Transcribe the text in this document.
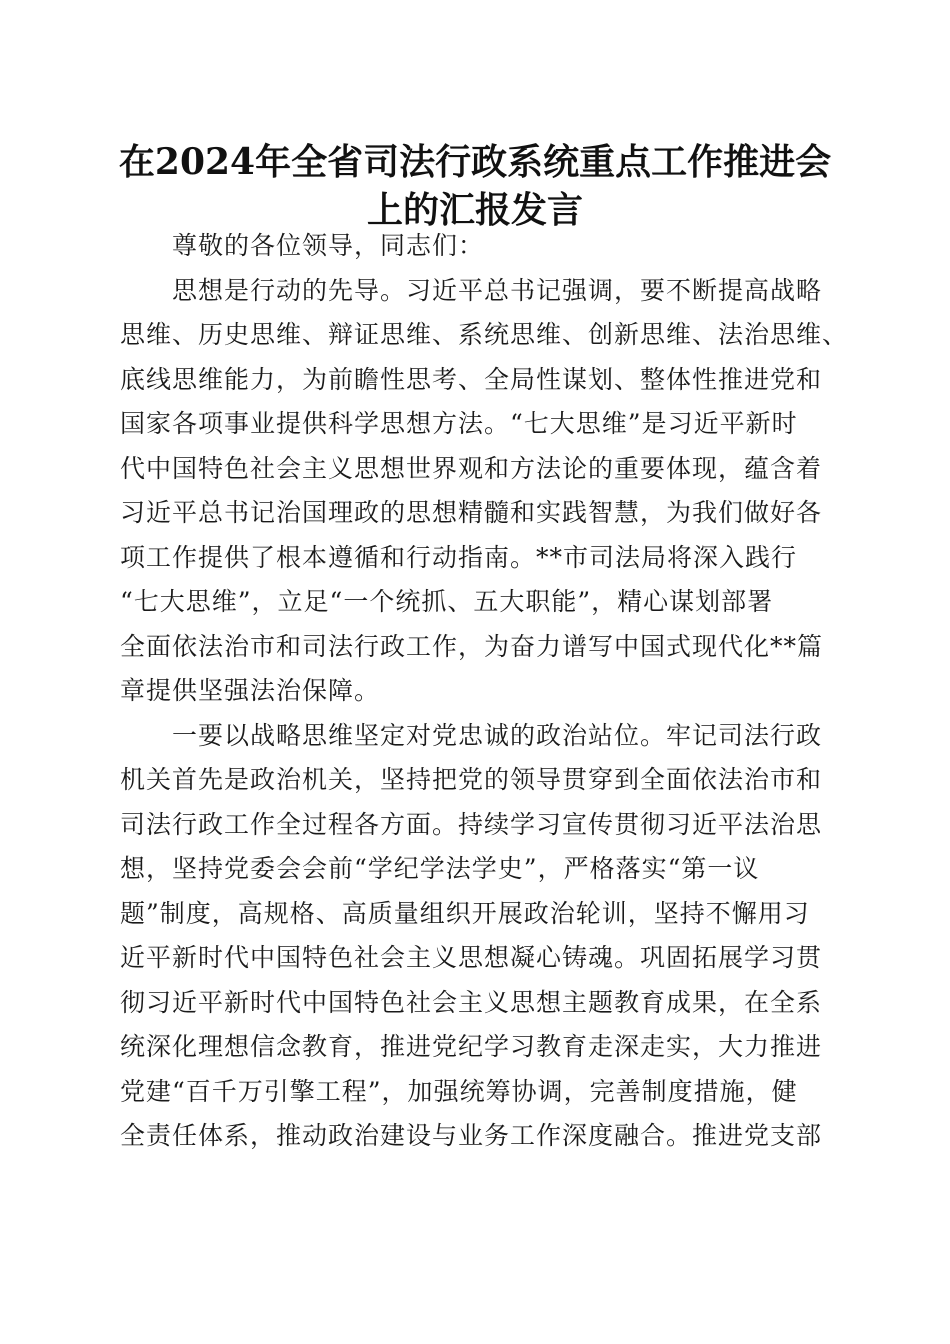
在2024年全省司法行政系统重点工作推进会
上的汇报发言
尊敬的各位领导，同志们：
思想是行动的先导。习近平总书记强调，要不断提高战略
思维、历史思维、辩证思维、系统思维、创新思维、法治思维、
底线思维能力，为前瞻性思考、全局性谋划、整体性推进党和
国家各项事业提供科学思想方法。“七大思维”是习近平新时
代中国特色社会主义思想世界观和方法论的重要体现，蕴含着
习近平总书记治国理政的思想精髓和实践智慧，为我们做好各
项工作提供了根本遵循和行动指南。**市司法局将深入践行
“七大思维”，立足“一个统抓、五大职能”，精心谋划部署
全面依法治市和司法行政工作，为奋力谱写中国式现代化**篇
章提供坚强法治保障。
一要以战略思维坚定对党忠诚的政治站位。牢记司法行政
机关首先是政治机关，坚持把党的领导贯穿到全面依法治市和
司法行政工作全过程各方面。持续学习宣传贯彻习近平法治思
想，坚持党委会会前“学纪学法学史”，严格落实“第一议
题”制度，高规格、高质量组织开展政治轮训，坚持不懈用习
近平新时代中国特色社会主义思想凝心铸魂。巩固拓展学习贯
彻习近平新时代中国特色社会主义思想主题教育成果，在全系
统深化理想信念教育，推进党纪学习教育走深走实，大力推进
党建“百千万引擎工程”，加强统筹协调，完善制度措施，健
全责任体系，推动政治建设与业务工作深度融合。推进党支部
